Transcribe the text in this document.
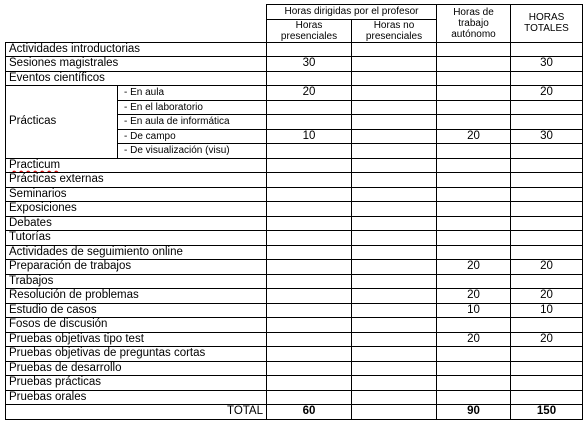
		Horas dirigidas por el profesor		Horas de trabajo autónomo	HORAS TOTALES
		Horas presenciales	Horas no presenciales		
Actividades introductorias					
Sesiones magistrales		30			30
Eventos científicos					
Prácticas	- En aula	20			20
	- En el laboratorio				
	- En aula de informática				
	- De campo	10		20	30
	- De visualización (visu)				
Practicum					
Prácticas externas					
Seminarios					
Exposiciones					
Debates					
Tutorías					
Actividades de seguimiento online					
Preparación de trabajos				20	20
Trabajos					
Resolución de problemas				20	20
Estudio de casos				10	10
Fosos de discusión					
Pruebas objetivas tipo test				20	20
Pruebas objetivas de preguntas cortas					
Pruebas de desarrollo					
Pruebas prácticas					
Pruebas orales					
TOTAL		60		90	150
